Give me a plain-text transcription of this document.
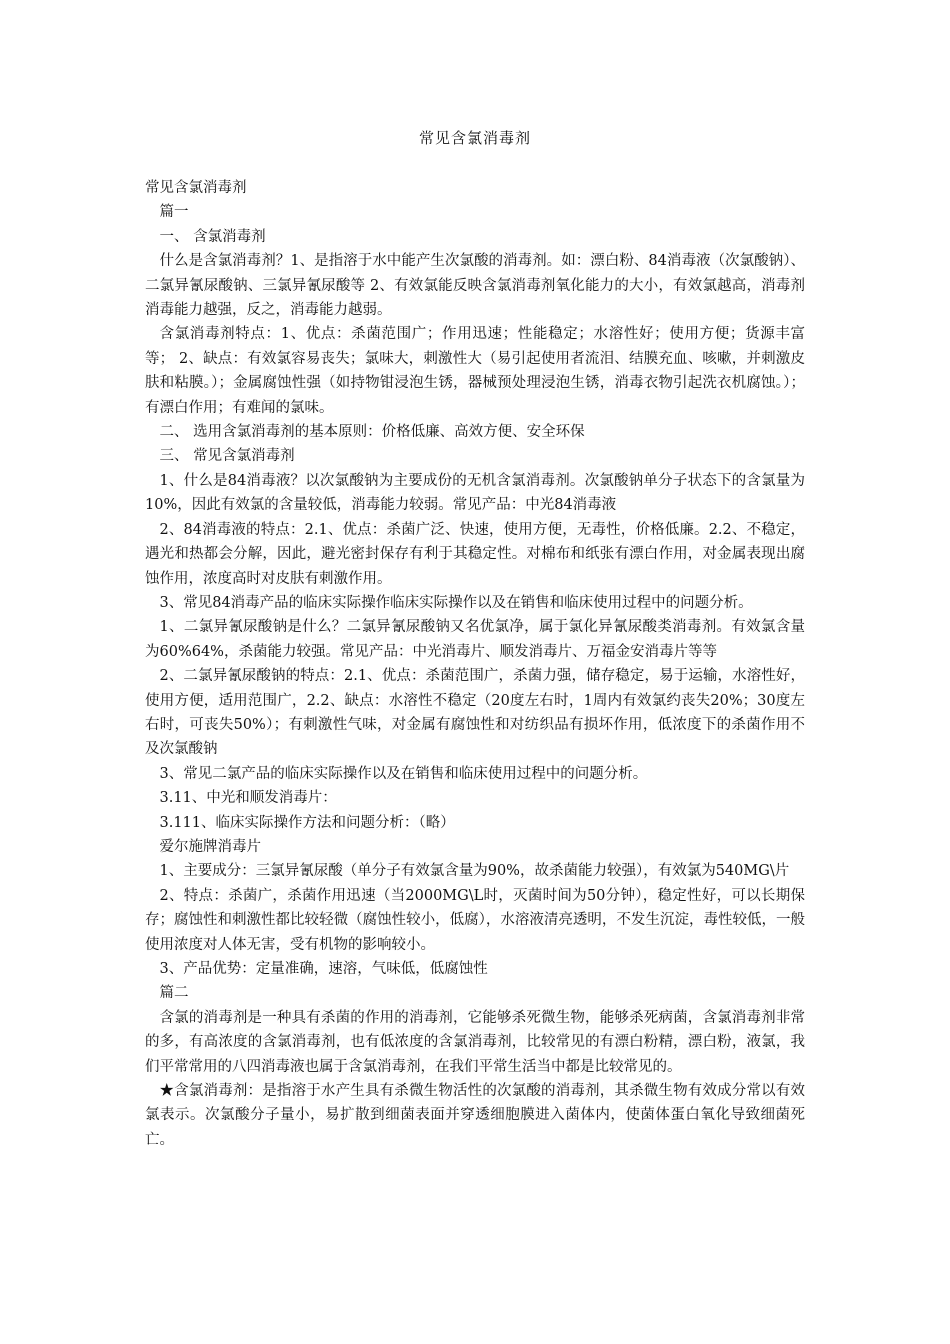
常见含氯消毒剂

常见含氯消毒剂

篇一

一、 含氯消毒剂

什么是含氯消毒剂？1、是指溶于水中能产生次氯酸的消毒剂。如：漂白粉、84消毒液（次氯酸钠）、二氯异氰尿酸钠、三氯异氰尿酸等 2、有效氯能反映含氯消毒剂氧化能力的大小，有效氯越高，消毒剂消毒能力越强，反之，消毒能力越弱。

含氯消毒剂特点：1、优点：杀菌范围广；作用迅速；性能稳定；水溶性好；使用方便；货源丰富等； 2、缺点：有效氯容易丧失；氯味大，刺激性大（易引起使用者流泪、结膜充血、咳嗽，并刺激皮肤和粘膜。）；金属腐蚀性强（如持物钳浸泡生锈，器械预处理浸泡生锈，消毒衣物引起洗衣机腐蚀。）；有漂白作用；有难闻的氯味。

二、 选用含氯消毒剂的基本原则：价格低廉、高效方便、安全环保

三、 常见含氯消毒剂

1、什么是84消毒液？以次氯酸钠为主要成份的无机含氯消毒剂。次氯酸钠单分子状态下的含氯量为10%，因此有效氯的含量较低，消毒能力较弱。常见产品：中光84消毒液

2、84消毒液的特点：2.1、优点：杀菌广泛、快速，使用方便，无毒性，价格低廉。2.2、不稳定，遇光和热都会分解，因此，避光密封保存有利于其稳定性。对棉布和纸张有漂白作用，对金属表现出腐蚀作用，浓度高时对皮肤有刺激作用。

3、常见84消毒产品的临床实际操作临床实际操作以及在销售和临床使用过程中的问题分析。

1、二氯异氰尿酸钠是什么？二氯异氰尿酸钠又名优氯净，属于氯化异氰尿酸类消毒剂。有效氯含量为60%64%，杀菌能力较强。常见产品：中光消毒片、顺发消毒片、万福金安消毒片等等

2、二氯异氰尿酸钠的特点：2.1、优点：杀菌范围广，杀菌力强，储存稳定，易于运输，水溶性好，使用方便，适用范围广，2.2、缺点：水溶性不稳定（20度左右时，1周内有效氯约丧失20%；30度左右时，可丧失50%）；有刺激性气味，对金属有腐蚀性和对纺织品有损坏作用，低浓度下的杀菌作用不及次氯酸钠

3、常见二氯产品的临床实际操作以及在销售和临床使用过程中的问题分析。

3.11、中光和顺发消毒片：

3.111、临床实际操作方法和问题分析：（略）

爱尔施牌消毒片

1、主要成分：三氯异氰尿酸（单分子有效氯含量为90%，故杀菌能力较强），有效氯为540MG\片

2、特点：杀菌广，杀菌作用迅速（当2000MG\L时，灭菌时间为50分钟），稳定性好，可以长期保存；腐蚀性和刺激性都比较轻微（腐蚀性较小，低腐），水溶液清亮透明，不发生沉淀，毒性较低，一般使用浓度对人体无害，受有机物的影响较小。

3、产品优势：定量准确，速溶，气味低，低腐蚀性

篇二

含氯的消毒剂是一种具有杀菌的作用的消毒剂，它能够杀死微生物，能够杀死病菌，含氯消毒剂非常的多，有高浓度的含氯消毒剂，也有低浓度的含氯消毒剂，比较常见的有漂白粉精，漂白粉，液氯，我们平常常用的八四消毒液也属于含氯消毒剂，在我们平常生活当中都是比较常见的。

★含氯消毒剂：是指溶于水产生具有杀微生物活性的次氯酸的消毒剂，其杀微生物有效成分常以有效氯表示。次氯酸分子量小，易扩散到细菌表面并穿透细胞膜进入菌体内，使菌体蛋白氧化导致细菌死亡。
